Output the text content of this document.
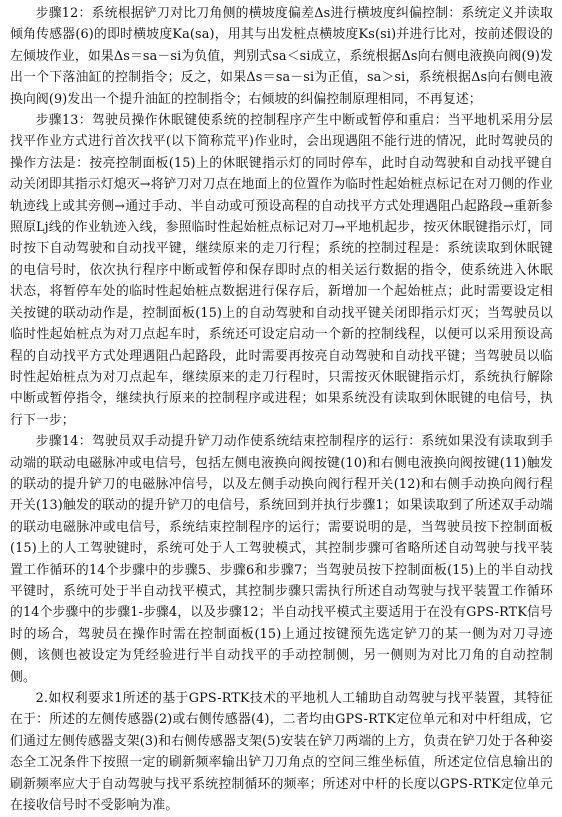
步骤12：系统根据铲刀对比刀角侧的横坡度偏差Δs进行横坡度纠偏控制：系统定义并读取倾角传感器(6)的即时横坡度Ka(sa)，用其与出发桩点横坡度Ks(si)并进行比对，按前述假设的左倾坡作业，如果Δs＝sa－si为负值，判别式sa＜si成立，系统根据Δs向右侧电液换向阀(9)发出一个下落油缸的控制指令；反之，如果Δs＝sa－si为正值，sa＞si，系统根据Δs向右侧电液换向阀(9)发出一个提升油缸的控制指令；右倾坡的纠偏控制原理相同，不再复述；

步骤13：驾驶员操作休眠键使系统的控制程序产生中断或暂停和重启：当平地机采用分层找平作业方式进行首次找平(以下简称荒平)作业时，会出现遇阻不能行进的情况，此时驾驶员的操作方法是：按亮控制面板(15)上的休眠键指示灯的同时停车，此时自动驾驶和自动找平键自动关闭即其指示灯熄灭→将铲刀对刀点在地面上的位置作为临时性起始桩点标记在对刀侧的作业轨迹线上或其旁侧→通过手动、半自动或可预设高程的自动找平方式处理遇阻凸起路段→重新参照原Lj线的作业轨迹入线，参照临时性起始桩点标记对刀→平地机起步，按灭休眠键指示灯，同时按下自动驾驶和自动找平键，继续原来的走刀行程；系统的控制过程是：系统读取到休眠键的电信号时，依次执行程序中断或暂停和保存即时点的相关运行数据的指令，使系统进入休眠状态，将暂停车处的临时性起始桩点数据进行保存后，新增加一个起始桩点；此时需要设定相关按键的联动动作是，控制面板(15)上的自动驾驶和自动找平键关闭即指示灯灭；当驾驶员以临时性起始桩点为对刀点起车时，系统还可设定启动一个新的控制线程，以便可以采用预设高程的自动找平方式处理遇阻凸起路段，此时需要再按亮自动驾驶和自动找平键；当驾驶员以临时性起始桩点为对刀点起车，继续原来的走刀行程时，只需按灭休眠键指示灯，系统执行解除中断或暂停指令，继续执行原来的控制程序或进程；如果系统没有读取到休眠键的电信号，执行下一步；

步骤14：驾驶员双手动提升铲刀动作使系统结束控制程序的运行：系统如果没有读取到手动端的联动电磁脉冲或电信号，包括左侧电液换向阀按键(10)和右侧电液换向阀按键(11)触发的联动的提升铲刀的电磁脉冲信号，以及左侧手动换向阀行程开关(12)和右侧手动换向阀行程开关(13)触发的联动的提升铲刀的电信号，系统回到并执行步骤1；如果读取到了所述双手动端的联动电磁脉冲或电信号，系统结束控制程序的运行；需要说明的是，当驾驶员按下控制面板(15)上的人工驾驶键时，系统可处于人工驾驶模式，其控制步骤可省略所述自动驾驶与找平装置工作循环的14个步骤中的步骤5、步骤6和步骤7；当驾驶员按下控制面板(15)上的半自动找平键时，系统可处于半自动找平模式，其控制步骤只需执行所述自动驾驶与找平装置工作循环的14个步骤中的步骤1-步骤4，以及步骤12；半自动找平模式主要适用于在没有GPS-RTK信号时的场合，驾驶员在操作时需在控制面板(15)上通过按键预先选定铲刀的某一侧为对刀寻迹侧，该侧也被设定为凭经验进行半自动找平的手动控制侧，另一侧则为对比刀角的自动控制侧。

2.如权利要求1所述的基于GPS-RTK技术的平地机人工辅助自动驾驶与找平装置，其特征在于：所述的左侧传感器(2)或右侧传感器(4)，二者均由GPS-RTK定位单元和对中杆组成，它们通过左侧传感器支架(3)和右侧传感器支架(5)安装在铲刀两端的上方，负责在铲刀处于各种姿态全工况条件下按照一定的刷新频率输出铲刀刀角点的空间三维坐标值，所述定位信息输出的刷新频率应大于自动驾驶与找平系统控制循环的频率；所述对中杆的长度以GPS-RTK定位单元在接收信号时不受影响为准。
